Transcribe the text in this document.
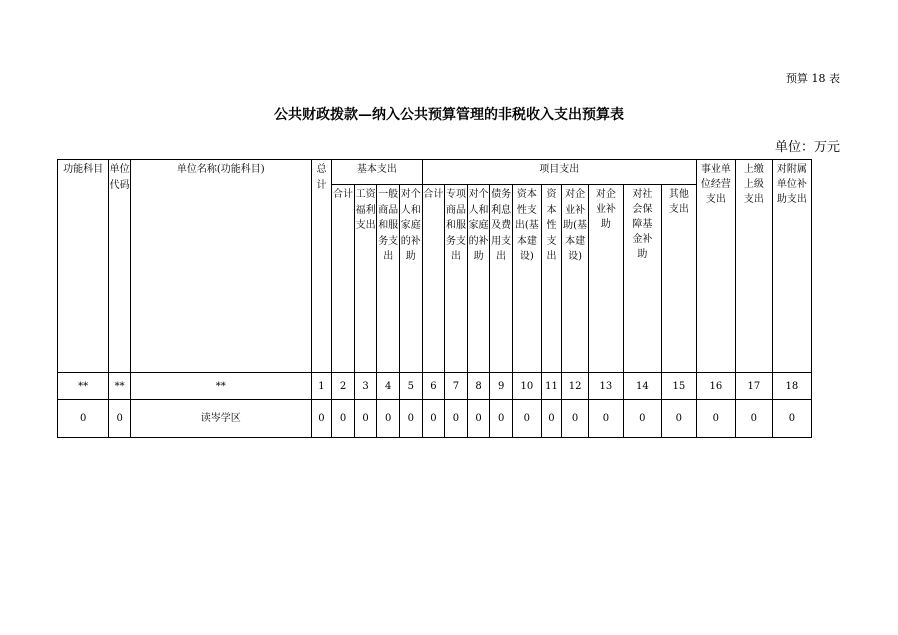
预算 18 表
公共财政拨款—纳入公共预算管理的非税收入支出预算表
单位：万元
功能科目	单位代码	单位名称(功能科目)	总计	基本支出				项目支出										事业单位经营支出	上缴上级支出	对附属单位补助支出
				合计	工资福利支出	一般商品和服务支出	对个人和家庭的补助	合计	专项商品和服务支出	对个人和家庭的补助	债务利息及费用支出	资本性支出(基本建设)	资本性支出	对企业补助(基本建设)	对企业补助	对社会保障基金补助	其他支出			
**	**	**	1	2	3	4	5	6	7	8	9	10	11	12	13	14	15	16	17	18
0	0	读岑学区	0	0	0	0	0	0	0	0	0	0	0	0	0	0	0	0	0	0
